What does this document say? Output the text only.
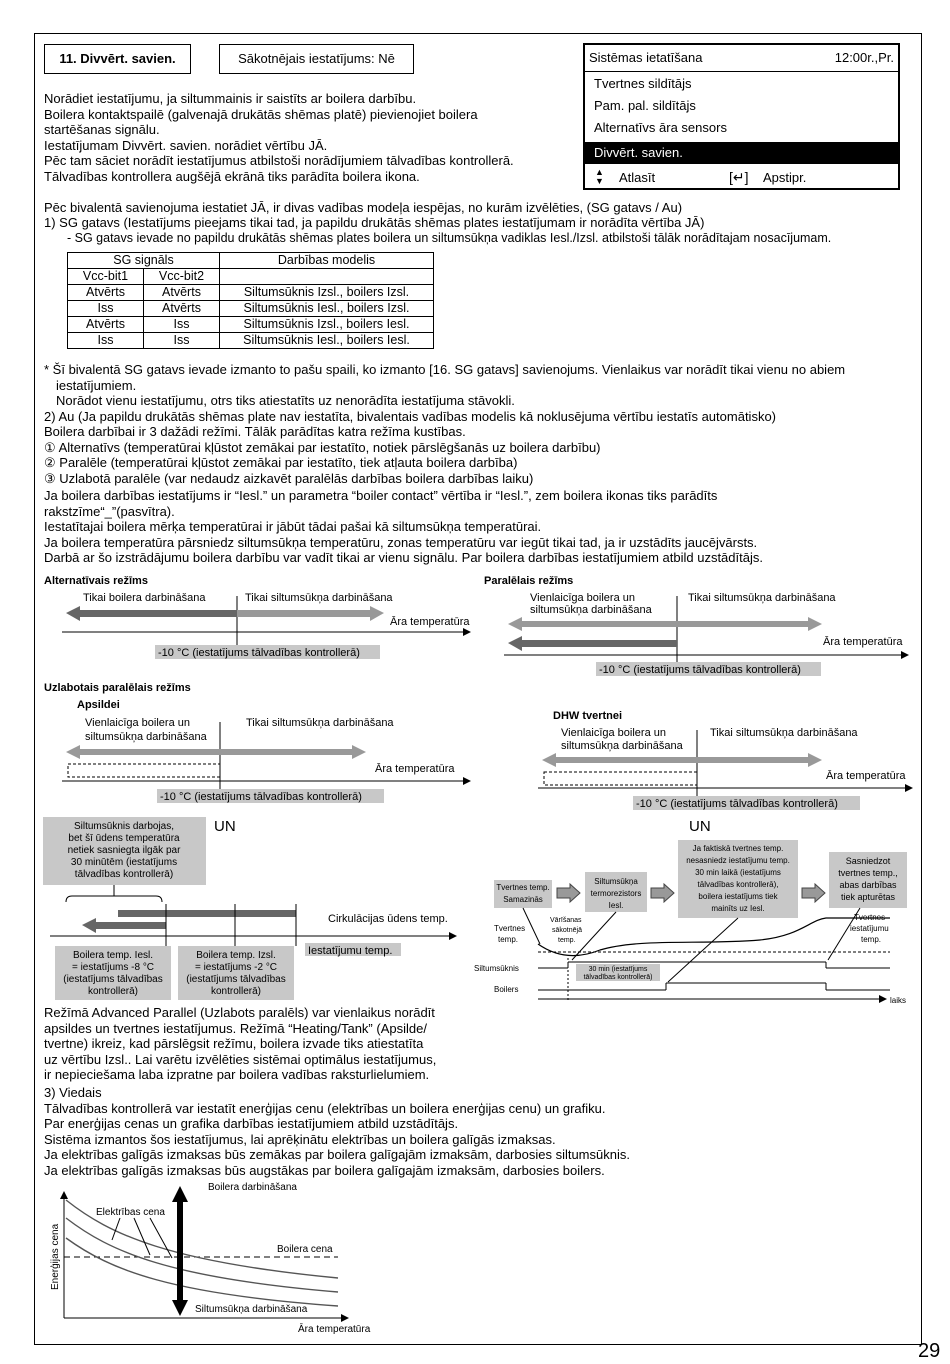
11. Divvērt. savien.	Sākotnējais iestatījums: Nē	Sistēmas ietatīšana	12:00r.,Pr.
Tvertnes sildītājs
Pam. pal. sildītājs
Alternatīvs āra sensors
Divvērt. savien.
▲
▼ Atlasīt	[↵] Apstipr.
Norādiet iestatījumu, ja siltummainis ir saistīts ar boilera darbību.
Boilera kontaktspailē (galvenajā drukātās shēmas platē) pievienojiet boilera
startēšanas signālu.
Iestatījumam Divvērt. savien. norādiet vērtību JĀ.
Pēc tam sāciet norādīt iestatījumus atbilstoši norādījumiem tālvadības kontrollerā.
Tālvadības kontrollera augšējā ekrānā tiks parādīta boilera ikona.
Pēc bivalentā savienojuma iestatiet JĀ, ir divas vadības modeļa iespējas, no kurām izvēlēties, (SG gatavs / Au)
1) SG gatavs (Iestatījums pieejams tikai tad, ja papildu drukātās shēmas plates iestatījumam ir norādīta vērtība JĀ)
- SG gatavs ievade no papildu drukātās shēmas plates boilera un siltumsūkņa vadiklas Iesl./Izsl. atbilstoši tālāk norādītajam nosacījumam.
SG signāls		Darbības modelis
Vcc-bit1	Vcc-bit2	
Atvērts	Atvērts	Siltumsūknis Izsl., boilers Izsl.
Iss	Atvērts	Siltumsūknis Iesl., boilers Izsl.
Atvērts	Iss	Siltumsūknis Izsl., boilers Iesl.
Iss	Iss	Siltumsūknis Iesl., boilers Iesl.
* Šī bivalentā SG gatavs ievade izmanto to pašu spaili, ko izmanto [16. SG gatavs] savienojums. Vienlaikus var norādīt tikai vienu no abiem
iestatījumiem.
Norādot vienu iestatījumu, otrs tiks atiestatīts uz nenorādīta iestatījuma stāvokli.
2) Au (Ja papildu drukātās shēmas plate nav iestatīta, bivalentais vadības modelis kā noklusējuma vērtību iestatīs automātisko)
Boilera darbībai ir 3 dažādi režīmi. Tālāk parādītas katra režīma kustības.
① Alternatīvs (temperatūrai kļūstot zemākai par iestatīto, notiek pārslēgšanās uz boilera darbību)
② Paralēle (temperatūrai kļūstot zemākai par iestatīto, tiek atļauta boilera darbība)
③ Uzlabotā paralēle (var nedaudz aizkavēt paralēlās darbības boilera darbības laiku)
Ja boilera darbības iestatījums ir “Iesl.” un parametra “boiler contact” vērtība ir “Iesl.”, zem boilera ikonas tiks parādīts
rakstzīme“_”(pasvītra).
Iestatītajai boilera mērķa temperatūrai ir jābūt tādai pašai kā siltumsūkņa temperatūrai.
Ja boilera temperatūra pārsniedz siltumsūkņa temperatūru, zonas temperatūru var iegūt tikai tad, ja ir uzstādīts jaucējvārsts.
Darbā ar šo izstrādājumu boilera darbību var vadīt tikai ar vienu signālu. Par boilera darbības iestatījumiem atbild uzstādītājs.
Alternatīvais režīms
Tikai boilera darbināšana	Tikai siltumsūkņa darbināšana
Āra temperatūra
-10 °C (iestatījums tālvadības kontrollerā)
Paralēlais režīms
Vienlaicīga boilera un
siltumsūkņa darbināšana
Tikai siltumsūkņa darbināšana
Āra temperatūra
-10 °C (iestatījums tālvadības kontrollerā)
Uzlabotais paralēlais režīms
Apsildei
Vienlaicīga boilera un
siltumsūkņa darbināšana
Tikai siltumsūkņa darbināšana
Āra temperatūra
-10 °C (iestatījums tālvadības kontrollerā)
DHW tvertnei
Vienlaicīga boilera un
siltumsūkņa darbināšana
Tikai siltumsūkņa darbināšana
Āra temperatūra
-10 °C (iestatījums tālvadības kontrollerā)
UN	UN
Siltumsūknis darbojas,
bet šī ūdens temperatūra
netiek sasniegta ilgāk par
30 minūtēm (iestatījums
tālvadības kontrollerā)
Cirkulācijas ūdens temp.
Iestatījumu temp.
Boilera temp. Iesl.
= iestatījums -8 °C
(iestatījums tālvadības
kontrollerā)
Boilera temp. Izsl.
= iestatījums -2 °C
(iestatījums tālvadības
kontrollerā)
Tvertnes temp.
Samazinās
Siltumsūkņa
termorezistors
Iesl.
Ja faktiskā tvertnes temp.
nesasniedz iestatījumu temp.
30 min laikā (iestatījums
tālvadības kontrollerā),
boilera iestatījums tiek
mainīts uz Iesl.
Sasniedzot
tvertnes temp.,
abas darbības
tiek apturētas
Tvertnes
temp.
Vārīšanas
sākotnējā
temp.
Tvertnes
iestatījumu
temp.
Siltumsūknis
Boilers
30 min (iestatījums
tālvadības kontrollerā)
laiks
Režīmā Advanced Parallel (Uzlabots paralēls) var vienlaikus norādīt
apsildes un tvertnes iestatījumus. Režīmā “Heating/Tank” (Apsilde/
tvertne) ikreiz, kad pārslēgsit režīmu, boilera izvade tiks atiestatīta
uz vērtību Izsl.. Lai varētu izvēlēties sistēmai optimālus iestatījumus,
ir nepieciešama laba izpratne par boilera vadības raksturlielumiem.
3) Viedais
Tālvadības kontrollerā var iestatīt enerģijas cenu (elektrības un boilera enerģijas cenu) un grafiku.
Par enerģijas cenas un grafika darbības iestatījumiem atbild uzstādītājs.
Sistēma izmantos šos iestatījumus, lai aprēķinātu elektrības un boilera galīgās izmaksas.
Ja elektrības galīgās izmaksas būs zemākas par boilera galīgajām izmaksām, darbosies siltumsūknis.
Ja elektrības galīgās izmaksas būs augstākas par boilera galīgajām izmaksām, darbosies boilers.
Enerģijas cena	Boilera cena
Elektrības cena
Boilera darbināšana
Siltumsūkņa darbināšana
Āra temperatūra
29
